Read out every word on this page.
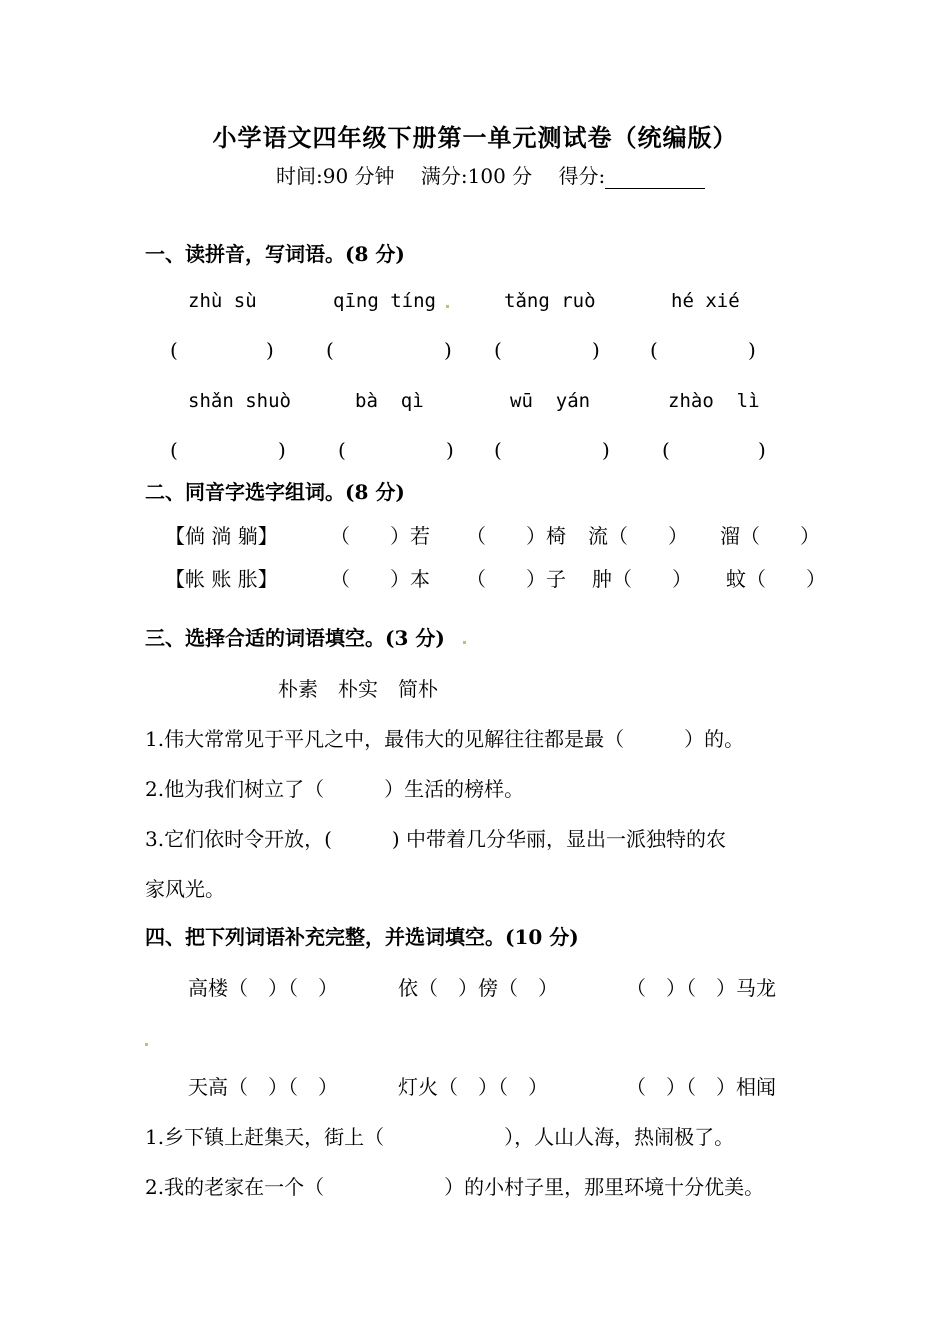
小学语文四年级下册第一单元测试卷（统编版）
时间:90 分钟　 满分:100 分　 得分:
一、读拼音，写词语。(8 分)
zhù sù	qīng tíng	tǎng ruò	hé xié
(	)	(	) (	)	(	)
shǎn shuò	bà  qì	wū  yán	zhào  lì
(	)	(	) (	)	(	)
二、同音字选字组词。(8 分)
【倘 淌 躺】	（　　）若 （　　）椅 流（　　） 溜（　　）
【帐 账 胀】	（　　）本 （　　）子 肿（　　） 蚊（　　）
三、选择合适的词语填空。(3 分)
朴素　朴实　简朴
1.伟大常常见于平凡之中，最伟大的见解往往都是最（　　　）的。
2.他为我们树立了（　　　）生活的榜样。
3.它们依时令开放，(　　　) 中带着几分华丽，显出一派独特的农
家风光。
四、把下列词语补充完整，并选词填空。(10 分)
高楼（　）（　）	依（　）傍（　）	（　）（　）马龙
天高（　）（　）	灯火（　）（　）	（　）（　）相闻
1.乡下镇上赶集天，街上（　　　　　　），人山人海，热闹极了。
2.我的老家在一个（　　　　　　）的小村子里，那里环境十分优美。
